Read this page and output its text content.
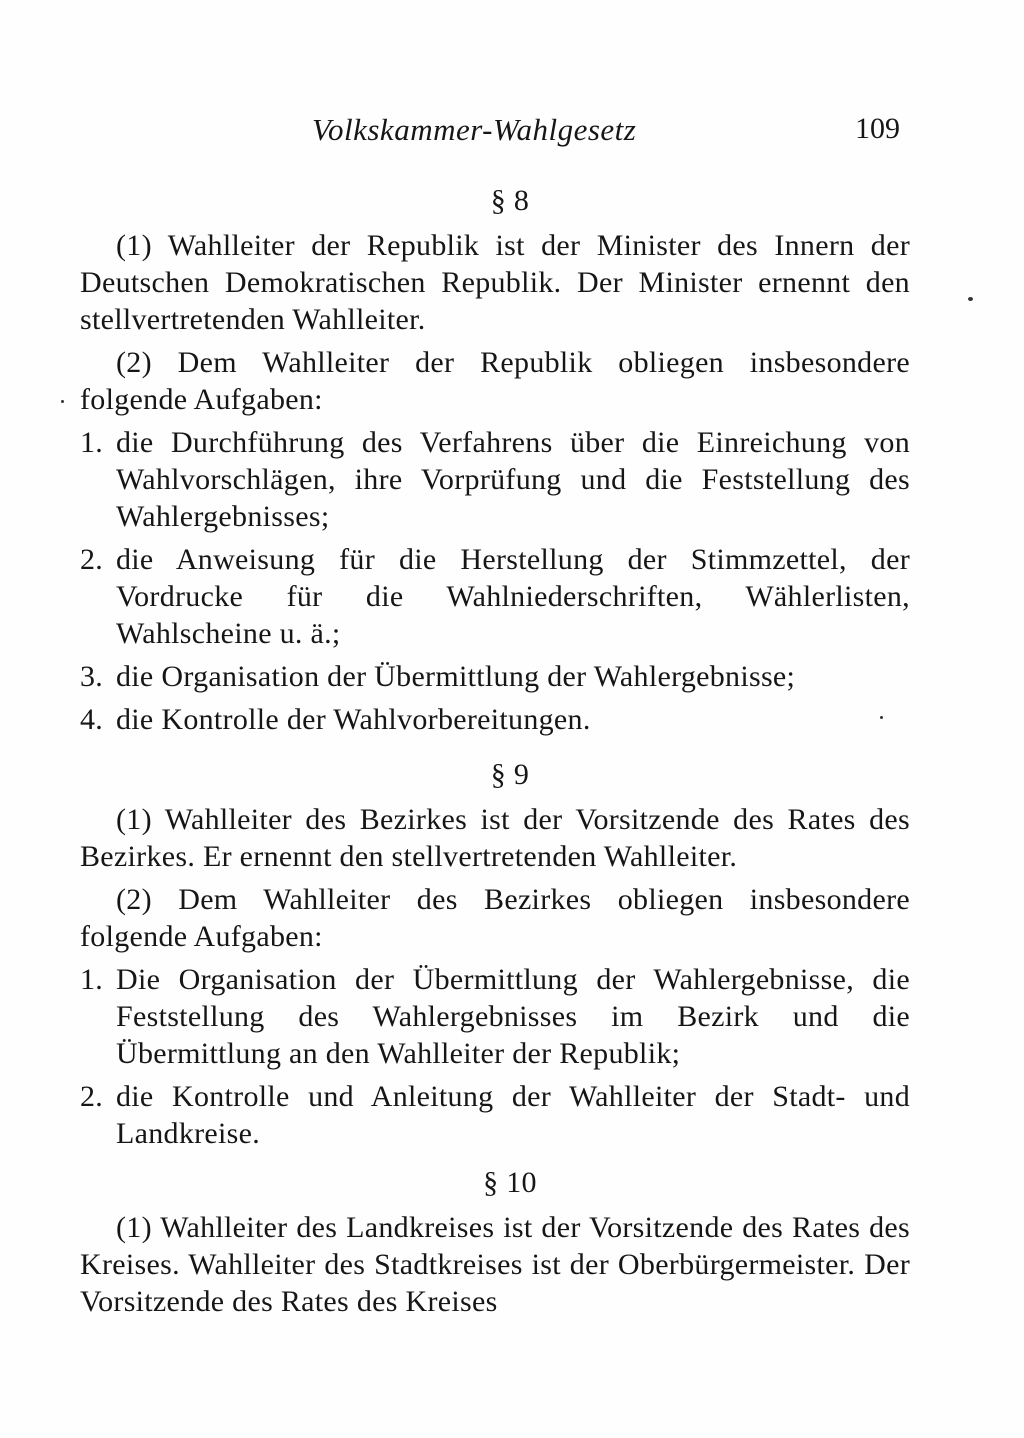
Volkskammer-Wahlgesetz	109
§ 8

(1) Wahlleiter der Republik ist der Minister des Innern der Deutschen Demokratischen Republik. Der Minister ernennt den stellvertretenden Wahlleiter.

(2) Dem Wahlleiter der Republik obliegen insbesondere folgende Aufgaben:

1. die Durchführung des Verfahrens über die Einreichung von Wahlvorschlägen, ihre Vorprüfung und die Feststellung des Wahlergebnisses;
2. die Anweisung für die Herstellung der Stimmzettel, der Vordrucke für die Wahlniederschriften, Wählerlisten, Wahlscheine u. ä.;
3. die Organisation der Übermittlung der Wahlergebnisse;
4. die Kontrolle der Wahlvorbereitungen.
§ 9

(1) Wahlleiter des Bezirkes ist der Vorsitzende des Rates des Bezirkes. Er ernennt den stellvertretenden Wahlleiter.

(2) Dem Wahlleiter des Bezirkes obliegen insbesondere folgende Aufgaben:

1. Die Organisation der Übermittlung der Wahlergebnisse, die Feststellung des Wahlergebnisses im Bezirk und die Übermittlung an den Wahlleiter der Republik;
2. die Kontrolle und Anleitung der Wahlleiter der Stadt- und Landkreise.
§ 10

(1) Wahlleiter des Landkreises ist der Vorsitzende des Rates des Kreises. Wahlleiter des Stadtkreises ist der Oberbürgermeister. Der Vorsitzende des Rates des Kreises
